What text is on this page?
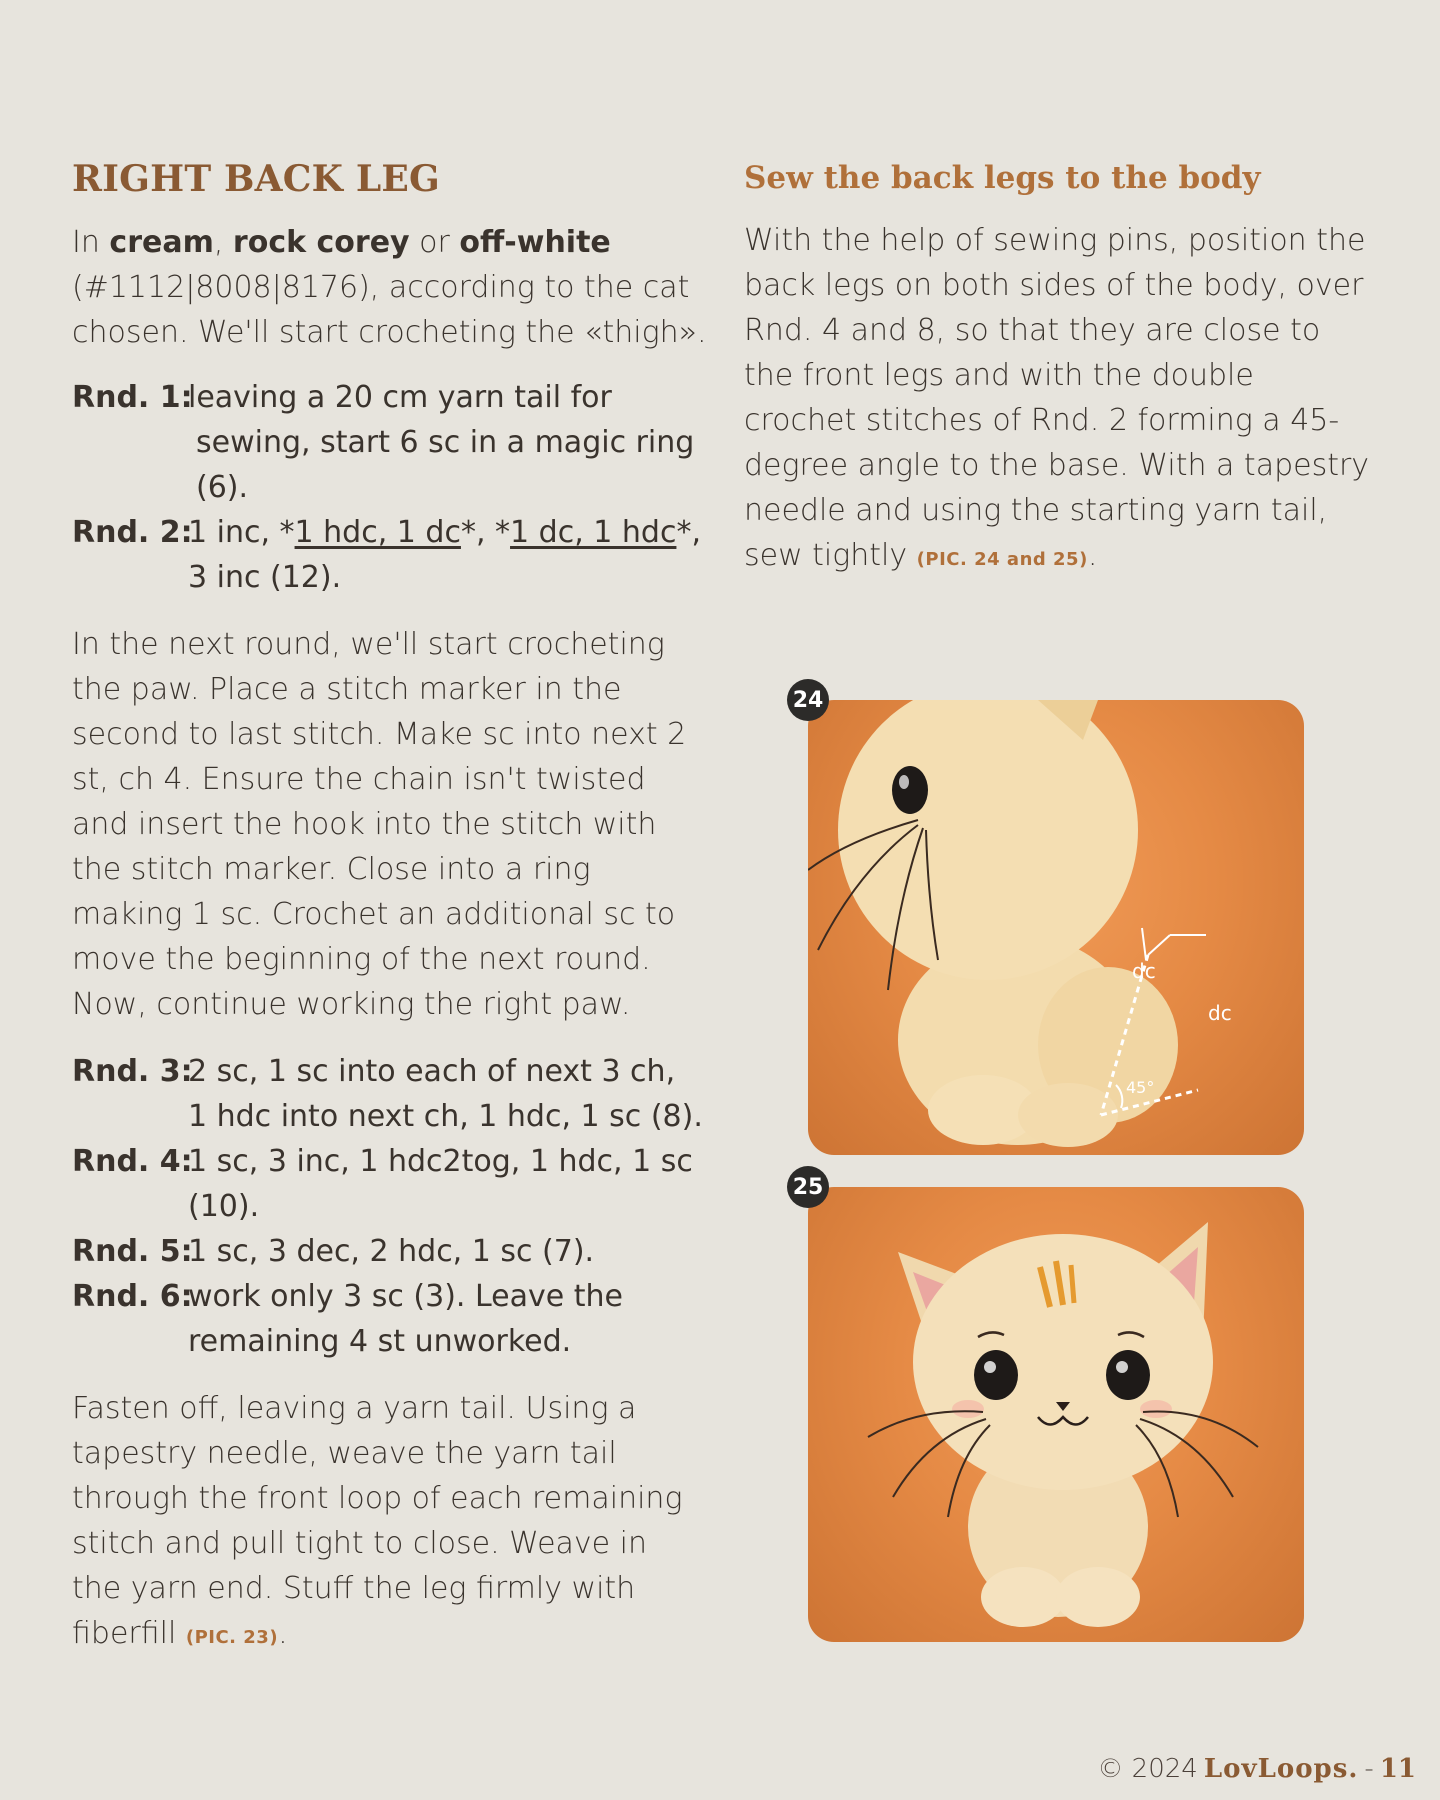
RIGHT BACK LEG

In cream, rock corey or off-white (#1112|8008|8176), according to the cat chosen. We'll start crocheting the «thigh».

Rnd. 1:
leaving a 20 cm yarn tail for sewing, start 6 sc in a magic ring (6).
Rnd. 2:
1 inc, *1 hdc, 1 dc*, *1 dc, 1 hdc*,
3 inc (12).

In the next round, we'll start crocheting the paw. Place a stitch marker in the second to last stitch. Make sc into next 2 st, ch 4. Ensure the chain isn't twisted and insert the hook into the stitch with the stitch marker. Close into a ring making 1 sc. Crochet an additional sc to move the beginning of the next round. Now, continue working the right paw.

Rnd. 3:
2 sc, 1 sc into each of next 3 ch,
1 hdc into next ch, 1 hdc, 1 sc (8).
Rnd. 4:
1 sc, 3 inc, 1 hdc2tog, 1 hdc, 1 sc (10).
Rnd. 5:
1 sc, 3 dec, 2 hdc, 1 sc (7).
Rnd. 6:
work only 3 sc (3). Leave the
remaining 4 st unworked.

Fasten off, leaving a yarn tail. Using a tapestry needle, weave the yarn tail through the front loop of each remaining stitch and pull tight to close. Weave in the yarn end. Stuff the leg firmly with fiberfill (PIC. 23).

Sew the back legs to the body

With the help of sewing pins, position the back legs on both sides of the body, over Rnd. 4 and 8, so that they are close to the front legs and with the double crochet stitches of Rnd. 2 forming a 45-degree angle to the base. With a tapestry needle and using the starting yarn tail, sew tightly (PIC. 24 and 25).

24
dc
dc
45°
25
© 2024 LovLoops. - 11
